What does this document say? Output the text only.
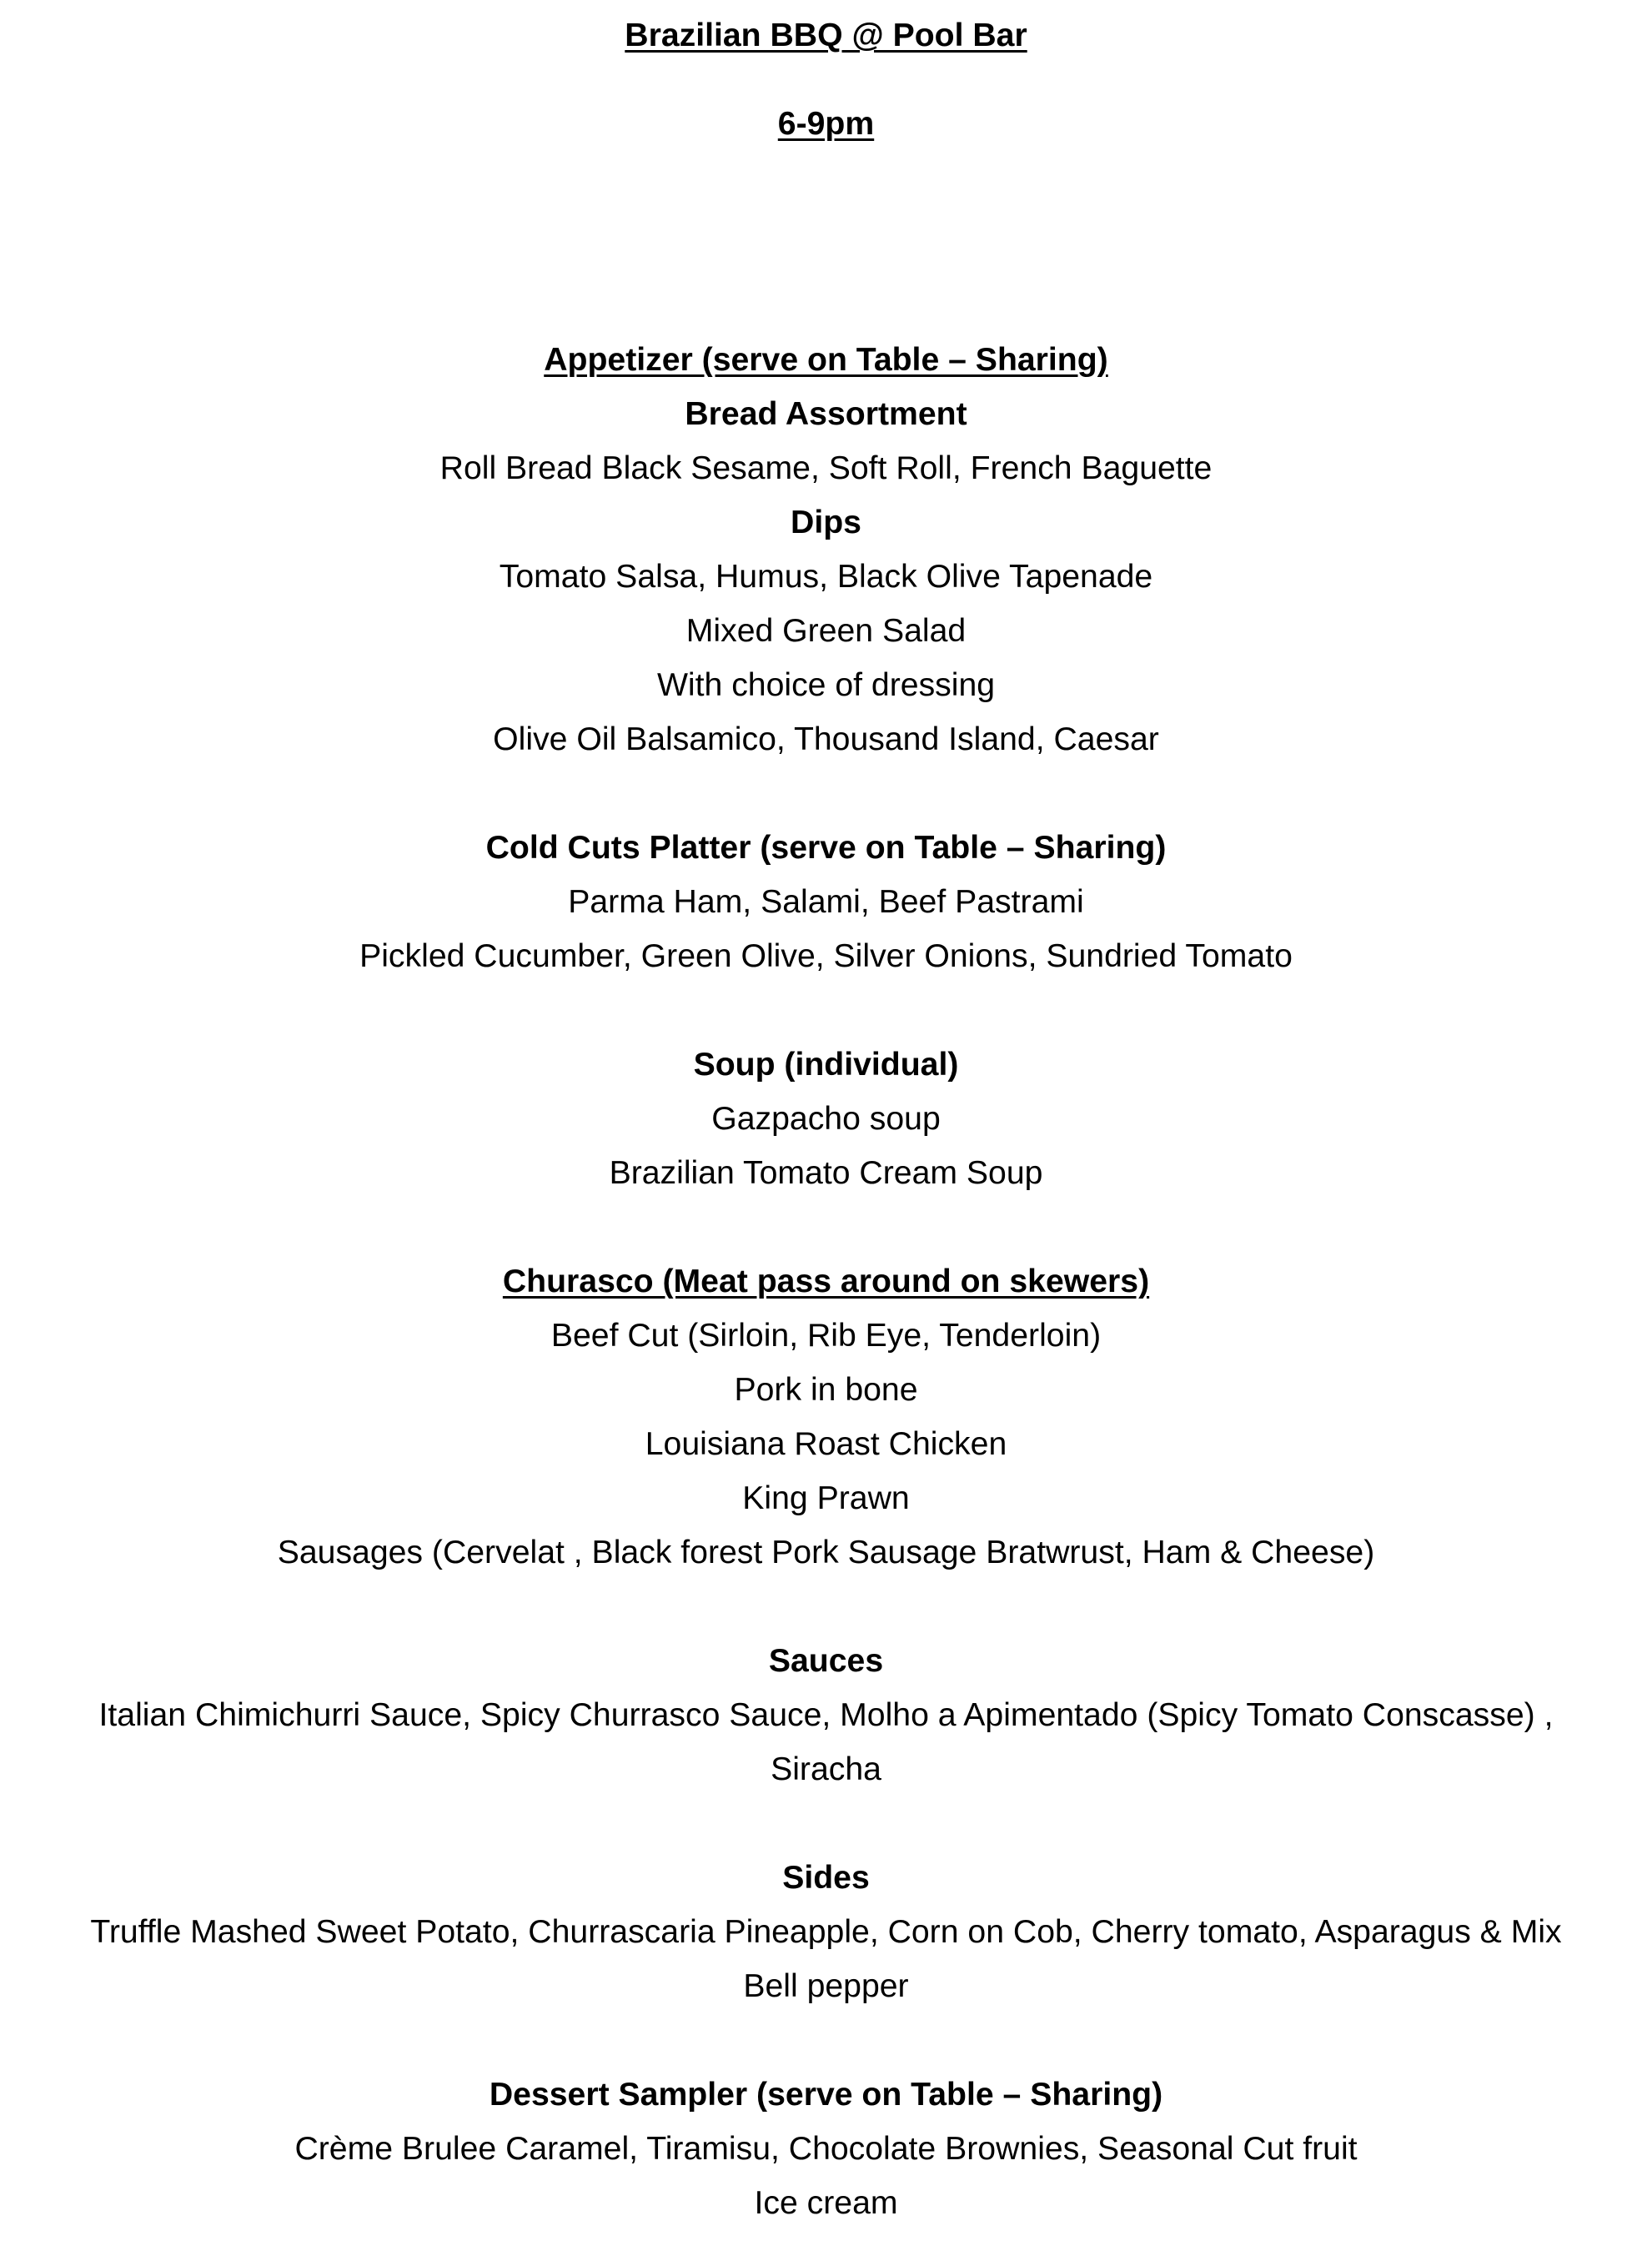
Brazilian BBQ @ Pool Bar
6-9pm
Appetizer (serve on Table – Sharing)
Bread Assortment
Roll Bread Black Sesame, Soft Roll, French Baguette
Dips
Tomato Salsa, Humus, Black Olive Tapenade
Mixed Green Salad
With choice of dressing
Olive Oil Balsamico, Thousand Island, Caesar
Cold Cuts Platter (serve on Table – Sharing)
Parma Ham, Salami, Beef Pastrami
Pickled Cucumber, Green Olive, Silver Onions, Sundried Tomato
Soup (individual)
Gazpacho soup
Brazilian Tomato Cream Soup
Churasco (Meat pass around on skewers)
Beef Cut (Sirloin, Rib Eye, Tenderloin)
Pork in bone
Louisiana Roast Chicken
King Prawn
Sausages (Cervelat , Black forest Pork Sausage Bratwrust, Ham & Cheese)
Sauces
Italian Chimichurri Sauce, Spicy Churrasco Sauce, Molho a Apimentado (Spicy Tomato Conscasse) ,
Siracha
Sides
Truffle Mashed Sweet Potato, Churrascaria Pineapple, Corn on Cob, Cherry tomato, Asparagus & Mix
Bell pepper
Dessert Sampler (serve on Table – Sharing)
Crème Brulee Caramel, Tiramisu, Chocolate Brownies, Seasonal Cut fruit
Ice cream
